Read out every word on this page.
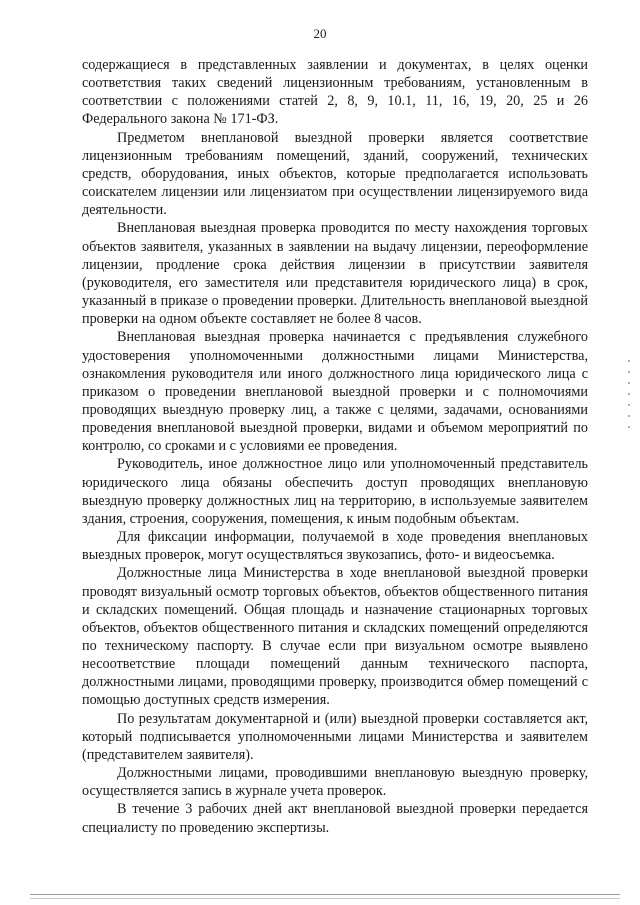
20

содержащиеся в представленных заявлении и документах, в целях оценки соответствия таких сведений лицензионным требованиям, установленным в соответствии с положениями статей 2, 8, 9, 10.1, 11, 16, 19, 20, 25 и 26 Федерального закона № 171-ФЗ.

Предметом внеплановой выездной проверки является соответствие лицензионным требованиям помещений, зданий, сооружений, технических средств, оборудования, иных объектов, которые предполагается использовать соискателем лицензии или лицензиатом при осуществлении лицензируемого вида деятельности.

Внеплановая выездная проверка проводится по месту нахождения торговых объектов заявителя, указанных в заявлении на выдачу лицензии, переоформление лицензии, продление срока действия лицензии в присутствии заявителя (руководителя, его заместителя или представителя юридического лица) в срок, указанный в приказе о проведении проверки. Длительность внеплановой выездной проверки на одном объекте составляет не более 8 часов.

Внеплановая выездная проверка начинается с предъявления служебного удостоверения уполномоченными должностными лицами Министерства, ознакомления руководителя или иного должностного лица юридического лица с приказом о проведении внеплановой выездной проверки и с полномочиями проводящих выездную проверку лиц, а также с целями, задачами, основаниями проведения внеплановой выездной проверки, видами и объемом мероприятий по контролю, со сроками и с условиями ее проведения.

Руководитель, иное должностное лицо или уполномоченный представитель юридического лица обязаны обеспечить доступ проводящих внеплановую выездную проверку должностных лиц на территорию, в используемые заявителем здания, строения, сооружения, помещения, к иным подобным объектам.

Для фиксации информации, получаемой в ходе проведения внеплановых выездных проверок, могут осуществляться звукозапись, фото- и видеосъемка.

Должностные лица Министерства в ходе внеплановой выездной проверки проводят визуальный осмотр торговых объектов, объектов общественного питания и складских помещений. Общая площадь и назначение стационарных торговых объектов, объектов общественного питания и складских помещений определяются по техническому паспорту. В случае если при визуальном осмотре выявлено несоответствие площади помещений данным технического паспорта, должностными лицами, проводящими проверку, производится обмер помещений с помощью доступных средств измерения.

По результатам документарной и (или) выездной проверки составляется акт, который подписывается уполномоченными лицами Министерства и заявителем (представителем заявителя).

Должностными лицами, проводившими внеплановую выездную проверку, осуществляется запись в журнале учета проверок.

В течение 3 рабочих дней акт внеплановой выездной проверки передается специалисту по проведению экспертизы.
